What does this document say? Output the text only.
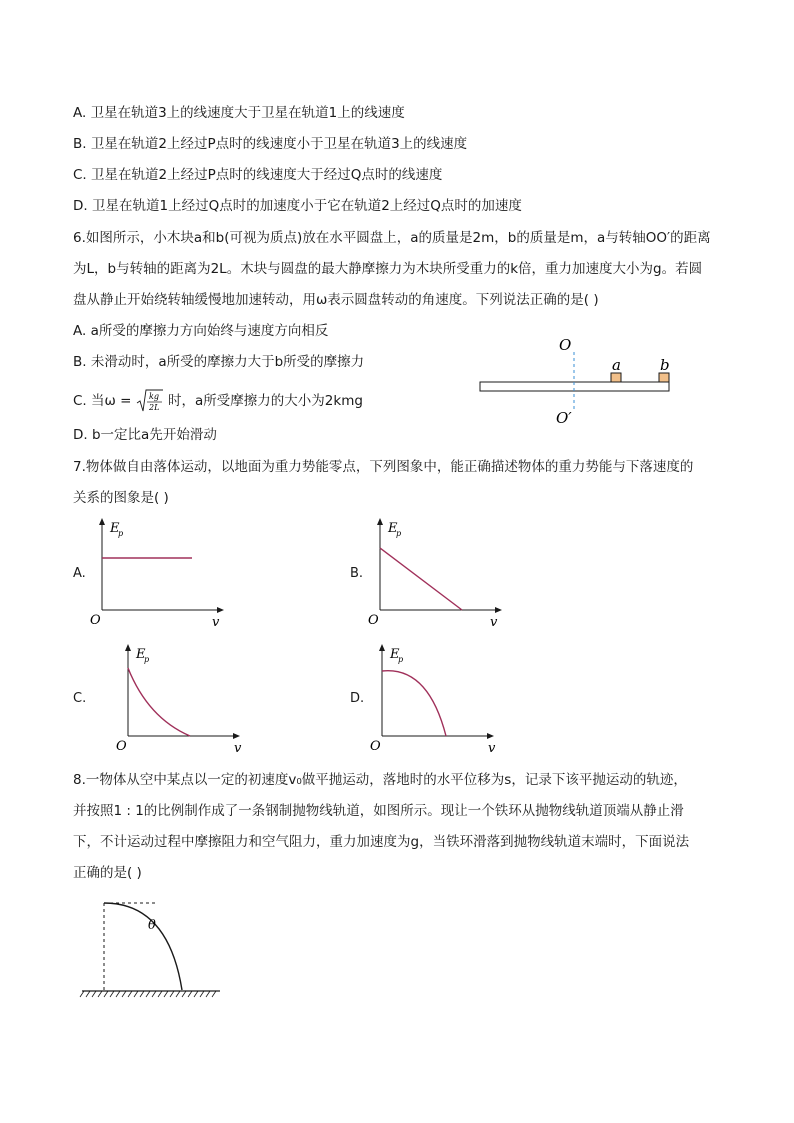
A. 卫星在轨道3上的线速度大于卫星在轨道1上的线速度
B. 卫星在轨道2上经过P点时的线速度小于卫星在轨道3上的线速度
C. 卫星在轨道2上经过P点时的线速度大于经过Q点时的线速度
D. 卫星在轨道1上经过Q点时的加速度小于它在轨道2上经过Q点时的加速度
6.如图所示，小木块a和b(可视为质点)放在水平圆盘上，a的质量是2m，b的质量是m，a与转轴OO′的距离
为L，b与转轴的距离为2L。木块与圆盘的最大静摩擦力为木块所受重力的k倍，重力加速度大小为g。若圆
盘从静止开始绕转轴缓慢地加速转动，用ω表示圆盘转动的角速度。下列说法正确的是( )
A. a所受的摩擦力方向始终与速度方向相反
B. 未滑动时，a所受的摩擦力大于b所受的摩擦力
C. 当ω = kg
2L 时，a所受摩擦力的大小为2kmg
D. b一定比a先开始滑动
O
O′
a	b
7.物体做自由落体运动，以地面为重力势能零点，下列图象中，能正确描述物体的重力势能与下落速度的
关系的图象是( )
A.
E
p
O	v
B.
E
p
O	v
C.
E
p
O	v
D.
E
p
O	v
8.一物体从空中某点以一定的初速度v₀做平抛运动，落地时的水平位移为s，记录下该平抛运动的轨迹，
并按照1 : 1的比例制作成了一条钢制抛物线轨道，如图所示。现让一个铁环从抛物线轨道顶端从静止滑
下，不计运动过程中摩擦阻力和空气阻力，重力加速度为g，当铁环滑落到抛物线轨道末端时，下面说法
正确的是( )
θ
